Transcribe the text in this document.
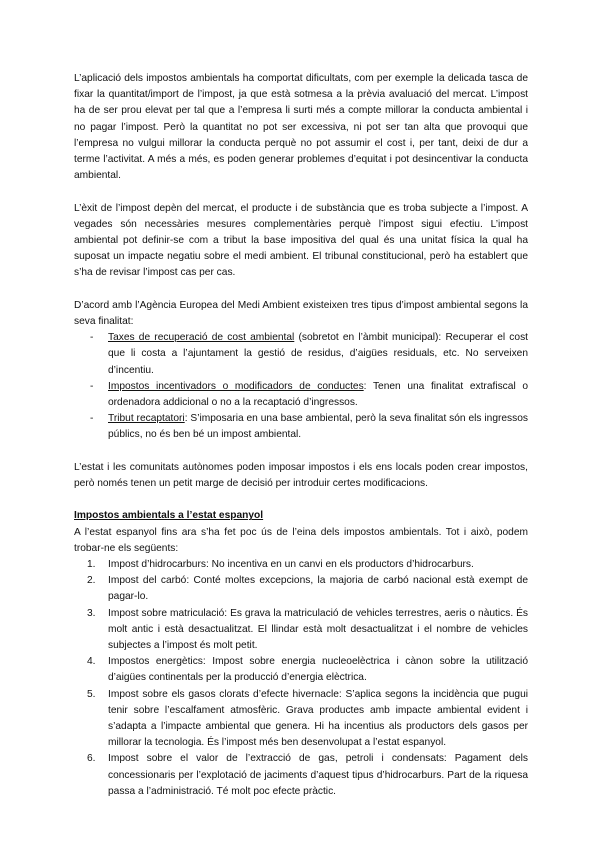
L’aplicació dels impostos ambientals ha comportat dificultats, com per exemple la delicada tasca de fixar la quantitat/import de l’impost, ja que està sotmesa a la prèvia avaluació del mercat. L’impost ha de ser prou elevat per tal que a l’empresa li surti més a compte millorar la conducta ambiental i no pagar l’impost. Però la quantitat no pot ser excessiva, ni pot ser tan alta que provoqui que l’empresa no vulgui millorar la conducta perquè no pot assumir el cost i, per tant, deixi de dur a terme l’activitat. A més a més, es poden generar problemes d’equitat i pot desincentivar la conducta ambiental.

L’èxit de l’impost depèn del mercat, el producte i de substància que es troba subjecte a l’impost. A vegades són necessàries mesures complementàries perquè l’impost sigui efectiu. L’impost ambiental pot definir-se com a tribut la base impositiva del qual és una unitat física la qual ha suposat un impacte negatiu sobre el medi ambient. El tribunal constitucional, però ha establert que s’ha de revisar l’impost cas per cas.

D’acord amb l’Agència Europea del Medi Ambient existeixen tres tipus d’impost ambiental segons la seva finalitat:

- Taxes de recuperació de cost ambiental (sobretot en l’àmbit municipal): Recuperar el cost que li costa a l’ajuntament la gestió de residus, d’aigües residuals, etc. No serveixen d’incentiu.
- Impostos incentivadors o modificadors de conductes: Tenen una finalitat extrafiscal o ordenadora addicional o no a la recaptació d’ingressos.
- Tribut recaptatori: S’imposaria en una base ambiental, però la seva finalitat són els ingressos públics, no és ben bé un impost ambiental.

L’estat i les comunitats autònomes poden imposar impostos i els ens locals poden crear impostos, però només tenen un petit marge de decisió per introduir certes modificacions.

Impostos ambientals a l’estat espanyol

A l’estat espanyol fins ara s’ha fet poc ús de l’eina dels impostos ambientals. Tot i això, podem trobar-ne els següents:

1. Impost d’hidrocarburs: No incentiva en un canvi en els productors d’hidrocarburs.
2. Impost del carbó: Conté moltes excepcions, la majoria de carbó nacional està exempt de pagar-lo.
3. Impost sobre matriculació: Es grava la matriculació de vehicles terrestres, aeris o nàutics. És molt antic i està desactualitzat. El llindar està molt desactualitzat i el nombre de vehicles subjectes a l’impost és molt petit.
4. Impostos energètics: Impost sobre energia nucleoelèctrica i cànon sobre la utilització d’aigües continentals per la producció d’energia elèctrica.
5. Impost sobre els gasos clorats d’efecte hivernacle: S’aplica segons la incidència que pugui tenir sobre l’escalfament atmosfèric. Grava productes amb impacte ambiental evident i s’adapta a l’impacte ambiental que genera. Hi ha incentius als productors dels gasos per millorar la tecnologia. És l’impost més ben desenvolupat a l’estat espanyol.
6. Impost sobre el valor de l’extracció de gas, petroli i condensats: Pagament dels concessionaris per l’explotació de jaciments d’aquest tipus d’hidrocarburs. Part de la riquesa passa a l’administració. Té molt poc efecte pràctic.
